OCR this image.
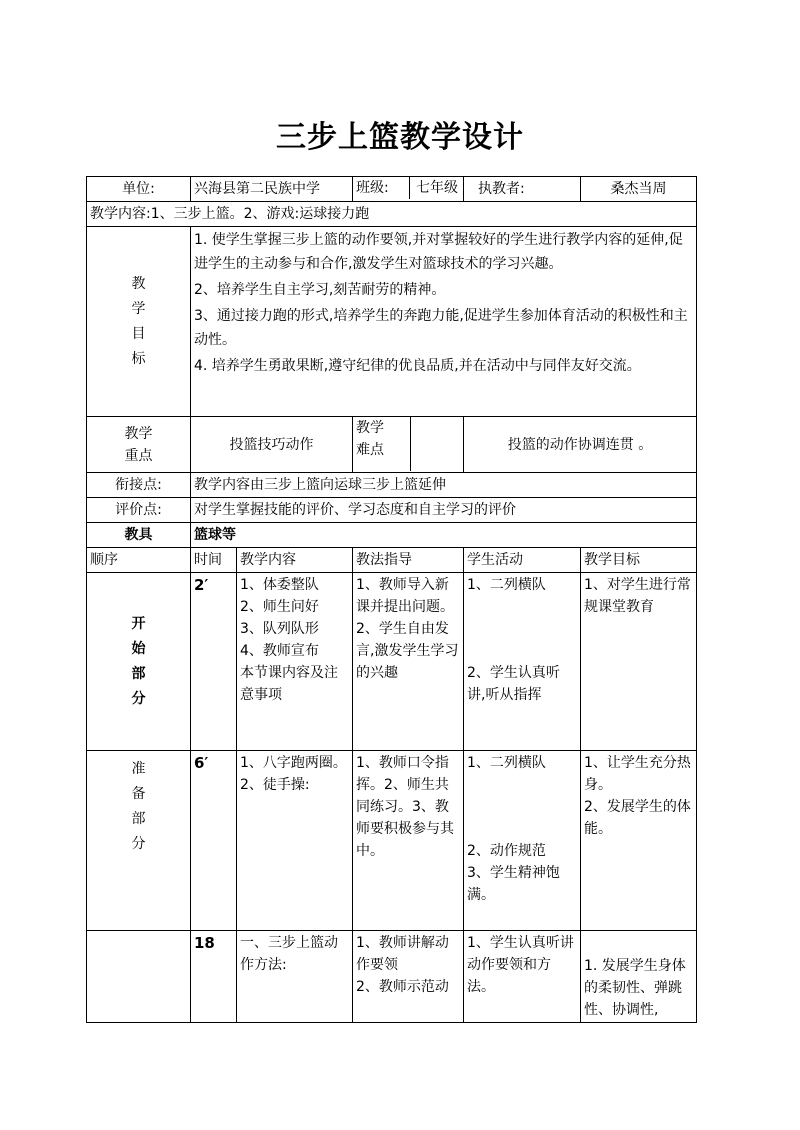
三步上篮教学设计
单位:	兴海县第二民族中学		班级: 七年级	执教者:	桑杰当周
教学内容:1、三步上篮。2、游戏:运球接力跑					

教
学
目
标	1. 使学生掌握三步上篮的动作要领,并对掌握较好的学生进行教学内容的延伸,促进学生的主动参与和合作,激发学生对篮球技术的学习兴趣。
2、培养学生自主学习,刻苦耐劳的精神。
3、通过接力跑的形式,培养学生的奔跑力能,促进学生参加体育活动的积极性和主动性。
4. 培养学生勇敢果断,遵守纪律的优良品质,并在活动中与同伴友好交流。				

教学
重点	投篮技巧动作		教学
难点	投篮的动作协调连贯 。	
衔接点:	教学内容由三步上篮向运球三步上篮延伸				
评价点:	对学生掌握技能的评价、学习态度和自主学习的评价				
教具	篮球等				
顺序	时间	教学内容	教法指导	学生活动	教学目标

开
始
部
分	2′	1、体委整队
2、师生问好
3、队列队形
4、教师宣布
本节课内容及注意事项	1、教师导入新课并提出问题。
2、学生自由发言,激发学生学习的兴趣	1、二列横队
2、学生认真听讲,听从指挥	1、对学生进行常规课堂教育

准
备
部
分	6′	1、八字跑两圈。
2、徒手操:	1、教师口令指挥。2、师生共同练习。3、教师要积极参与其中。	1、二列横队
2、动作规范
3、学生精神饱满。	1、让学生充分热身。
2、发展学生的体能。

	18	一、三步上篮动作方法:	1、教师讲解动作要领
2、教师示范动	1、学生认真听讲动作要领和方法。	1. 发展学生身体的柔韧性、弹跳性、协调性,
